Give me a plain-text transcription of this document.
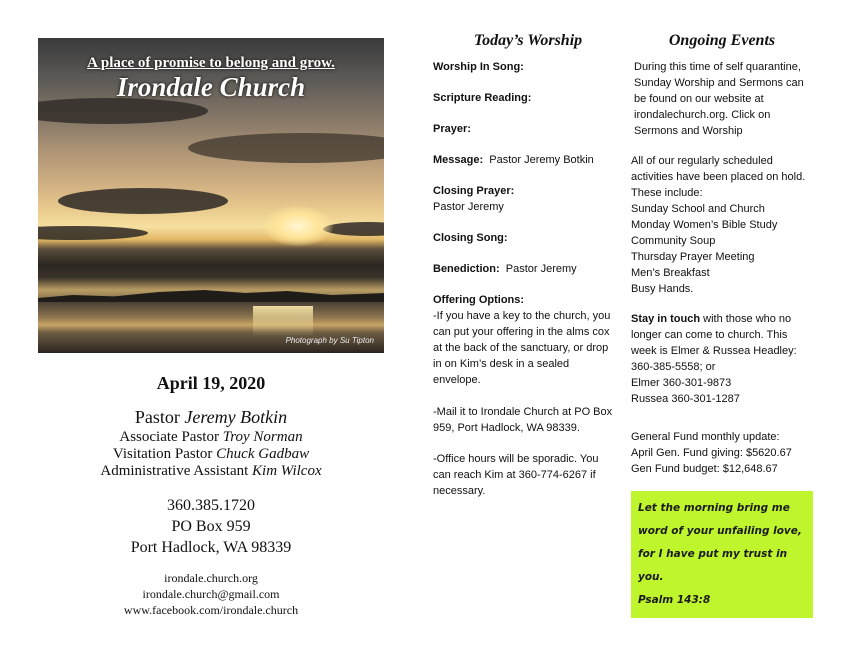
A place of promise to belong and grow.
Irondale Church
Photograph by Su Tipton
April 19, 2020
Pastor Jeremy Botkin
Associate Pastor Troy Norman
Visitation Pastor Chuck Gadbaw
Administrative Assistant Kim Wilcox
360.385.1720
PO Box 959
Port Hadlock, WA 98339
irondale.church.org
irondale.church@gmail.com
www.facebook.com/irondale.church
Today’s Worship

Worship In Song:

Scripture Reading:

Prayer:

Message:  Pastor Jeremy Botkin

Closing Prayer:
Pastor Jeremy

Closing Song:

Benediction:  Pastor Jeremy

Offering Options:
-If you have a key to the church, you can put your offering in the alms cox at the back of the sanctuary, or drop in on Kim’s desk in a sealed envelope.

-Mail it to Irondale Church at PO Box 959, Port Hadlock, WA 98339.

-Office hours will be sporadic. You can reach Kim at 360-774-6267 if necessary.

Ongoing Events

During this time of self quarantine, Sunday Worship and Sermons can be found on our website at irondalechurch.org. Click on Sermons and Worship

All of our regularly scheduled activities have been placed on hold. These include:
Sunday School and Church
Monday Women’s Bible Study
Community Soup
Thursday Prayer Meeting
Men’s Breakfast
Busy Hands.

Stay in touch with those who no longer can come to church. This week is Elmer & Russea Headley:
360-385-5558; or
Elmer 360-301-9873
Russea 360-301-1287

General Fund monthly update:
April Gen. Fund giving: $5620.67
Gen Fund budget: $12,648.67

Let the morning bring me word of your unfailing love, for I have put my trust in you.
Psalm 143:8
